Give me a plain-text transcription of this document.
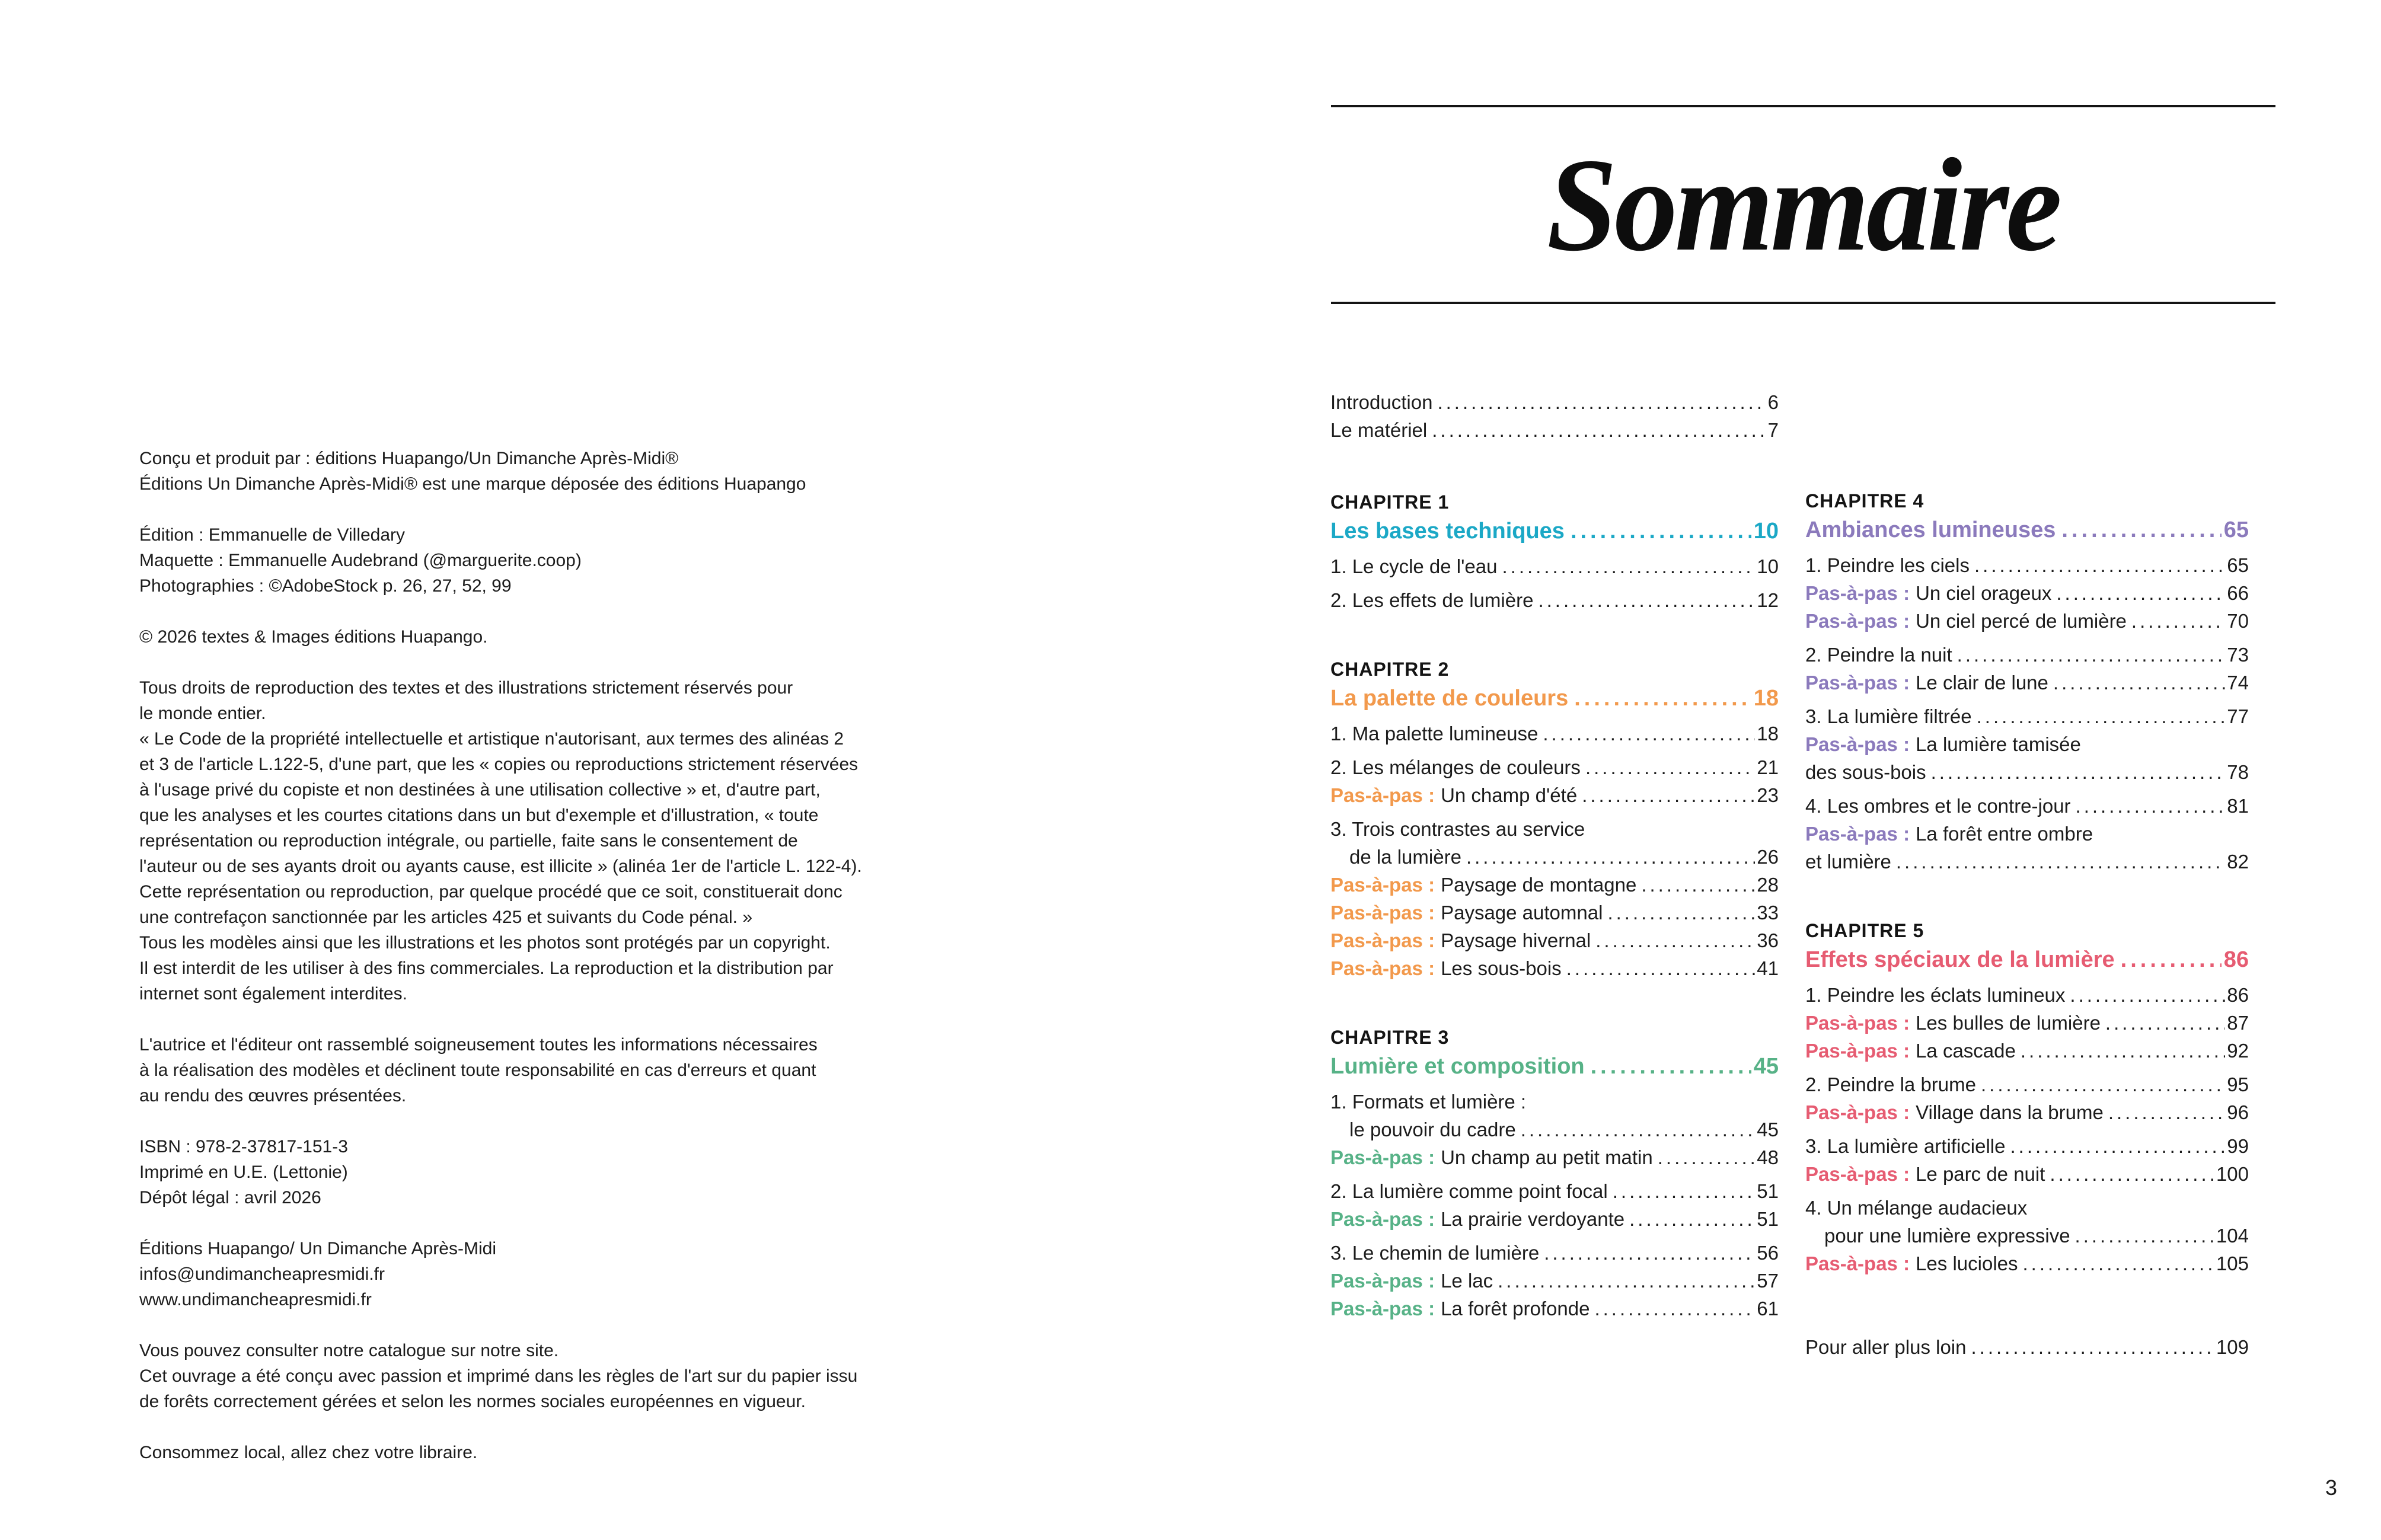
Conçu et produit par : éditions Huapango/Un Dimanche Après-Midi®
Éditions Un Dimanche Après-Midi® est une marque déposée des éditions Huapango

Édition : Emmanuelle de Villedary
Maquette : Emmanuelle Audebrand (@marguerite.coop)
Photographies : ©AdobeStock p. 26, 27, 52, 99

© 2026 textes & Images éditions Huapango.

Tous droits de reproduction des textes et des illustrations strictement réservés pour
le monde entier.
« Le Code de la propriété intellectuelle et artistique n'autorisant, aux termes des alinéas 2
et 3 de l'article L.122-5, d'une part, que les « copies ou reproductions strictement réservées
à l'usage privé du copiste et non destinées à une utilisation collective » et, d'autre part,
que les analyses et les courtes citations dans un but d'exemple et d'illustration, « toute
représentation ou reproduction intégrale, ou partielle, faite sans le consentement de
l'auteur ou de ses ayants droit ou ayants cause, est illicite » (alinéa 1er de l'article L. 122-4).
Cette représentation ou reproduction, par quelque procédé que ce soit, constituerait donc
une contrefaçon sanctionnée par les articles 425 et suivants du Code pénal. »
Tous les modèles ainsi que les illustrations et les photos sont protégés par un copyright.
Il est interdit de les utiliser à des fins commerciales. La reproduction et la distribution par
internet sont également interdites.

L'autrice et l'éditeur ont rassemblé soigneusement toutes les informations nécessaires
à la réalisation des modèles et déclinent toute responsabilité en cas d'erreurs et quant
au rendu des œuvres présentées.

ISBN : 978-2-37817-151-3
Imprimé en U.E. (Lettonie)
Dépôt légal : avril 2026

Éditions Huapango/ Un Dimanche Après-Midi
infos@undimancheapresmidi.fr
www.undimancheapresmidi.fr

Vous pouvez consulter notre catalogue sur notre site.
Cet ouvrage a été conçu avec passion et imprimé dans les règles de l'art sur du papier issu
de forêts correctement gérées et selon les normes sociales européennes en vigueur.

Consommez local, allez chez votre libraire.

Sommaire
Introduction .....	6
Le matériel .....	7
CHAPITRE 1
Les bases techniques .....	10
1. Le cycle de l'eau .....	10
2. Les effets de lumière .....	12
CHAPITRE 2
La palette de couleurs .....	18
1. Ma palette lumineuse .....	18
2. Les mélanges de couleurs .....	21
Pas-à-pas : Un champ d'été .....	23
3. Trois contrastes au service
de la lumière .....	26
Pas-à-pas : Paysage de montagne .....	28
Pas-à-pas : Paysage automnal .....	33
Pas-à-pas : Paysage hivernal .....	36
Pas-à-pas : Les sous-bois .....	41
CHAPITRE 3
Lumière et composition .....	45
1. Formats et lumière :
le pouvoir du cadre .....	45
Pas-à-pas : Un champ au petit matin .....	48
2. La lumière comme point focal .....	51
Pas-à-pas : La prairie verdoyante .....	51
3. Le chemin de lumière .....	56
Pas-à-pas : Le lac .....	57
Pas-à-pas : La forêt profonde .....	61
CHAPITRE 4
Ambiances lumineuses .....	65
1. Peindre les ciels .....	65
Pas-à-pas : Un ciel orageux .....	66
Pas-à-pas : Un ciel percé de lumière .....	70
2. Peindre la nuit .....	73
Pas-à-pas : Le clair de lune .....	74
3. La lumière filtrée .....	77
Pas-à-pas : La lumière tamisée
des sous-bois .....	78
4. Les ombres et le contre-jour .....	81
Pas-à-pas : La forêt entre ombre
et lumière .....	82
CHAPITRE 5
Effets spéciaux de la lumière .....	86
1. Peindre les éclats lumineux .....	86
Pas-à-pas : Les bulles de lumière .....	87
Pas-à-pas : La cascade .....	92
2. Peindre la brume .....	95
Pas-à-pas : Village dans la brume .....	96
3. La lumière artificielle .....	99
Pas-à-pas : Le parc de nuit .....	100
4. Un mélange audacieux
pour une lumière expressive .....	104
Pas-à-pas : Les lucioles .....	105
Pour aller plus loin .....	109
3
